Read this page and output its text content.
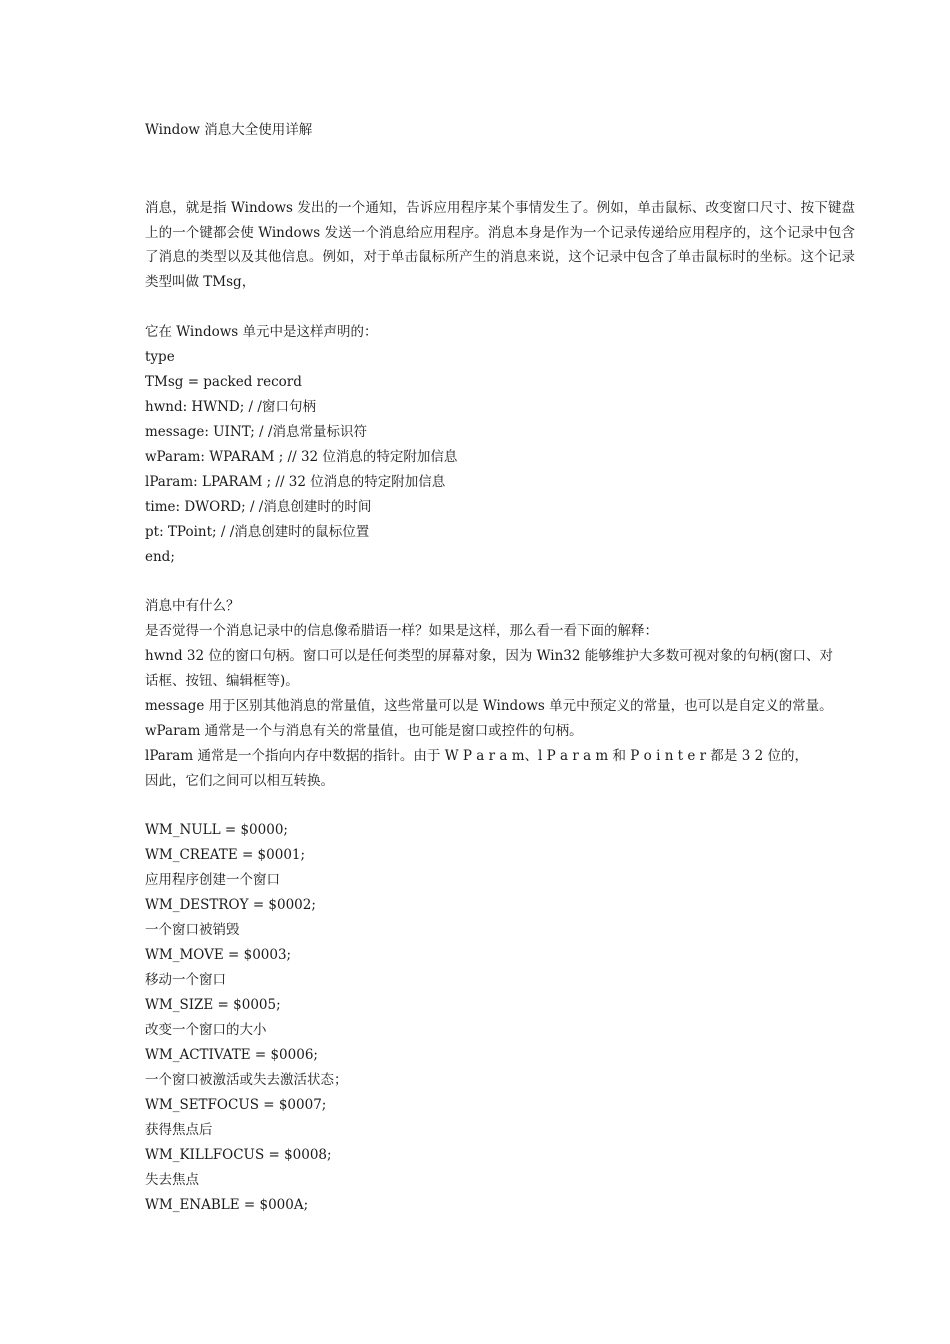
Window 消息大全使用详解
消息，就是指 Windows 发出的一个通知，告诉应用程序某个事情发生了。例如，单击鼠标、改变窗口尺寸、按下键盘上的一个键都会使 Windows 发送一个消息给应用程序。消息本身是作为一个记录传递给应用程序的，这个记录中包含了消息的类型以及其他信息。例如，对于单击鼠标所产生的消息来说，这个记录中包含了单击鼠标时的坐标。这个记录类型叫做 TMsg，
它在 Windows 单元中是这样声明的：
type
TMsg = packed record
hwnd: HWND; / /窗口句柄
message: UINT; / /消息常量标识符
wParam: WPARAM ; // 32 位消息的特定附加信息
lParam: LPARAM ; // 32 位消息的特定附加信息
time: DWORD; / /消息创建时的时间
pt: TPoint; / /消息创建时的鼠标位置
end;
消息中有什么？
是否觉得一个消息记录中的信息像希腊语一样？如果是这样，那么看一看下面的解释：
hwnd 32 位的窗口句柄。窗口可以是任何类型的屏幕对象，因为 Win32 能够维护大多数可视对象的句柄(窗口、对
话框、按钮、编辑框等)。
message 用于区别其他消息的常量值，这些常量可以是 Windows 单元中预定义的常量，也可以是自定义的常量。
wParam 通常是一个与消息有关的常量值，也可能是窗口或控件的句柄。
lParam 通常是一个指向内存中数据的指针。由于 W P a r a m、l P a r a m 和 P o i n t e r 都是 3 2 位的，
因此，它们之间可以相互转换。
WM_NULL = $0000;
WM_CREATE = $0001;
应用程序创建一个窗口
WM_DESTROY = $0002;
一个窗口被销毁
WM_MOVE = $0003;
移动一个窗口
WM_SIZE = $0005;
改变一个窗口的大小
WM_ACTIVATE = $0006;
一个窗口被激活或失去激活状态；
WM_SETFOCUS = $0007;
获得焦点后
WM_KILLFOCUS = $0008;
失去焦点
WM_ENABLE = $000A;
